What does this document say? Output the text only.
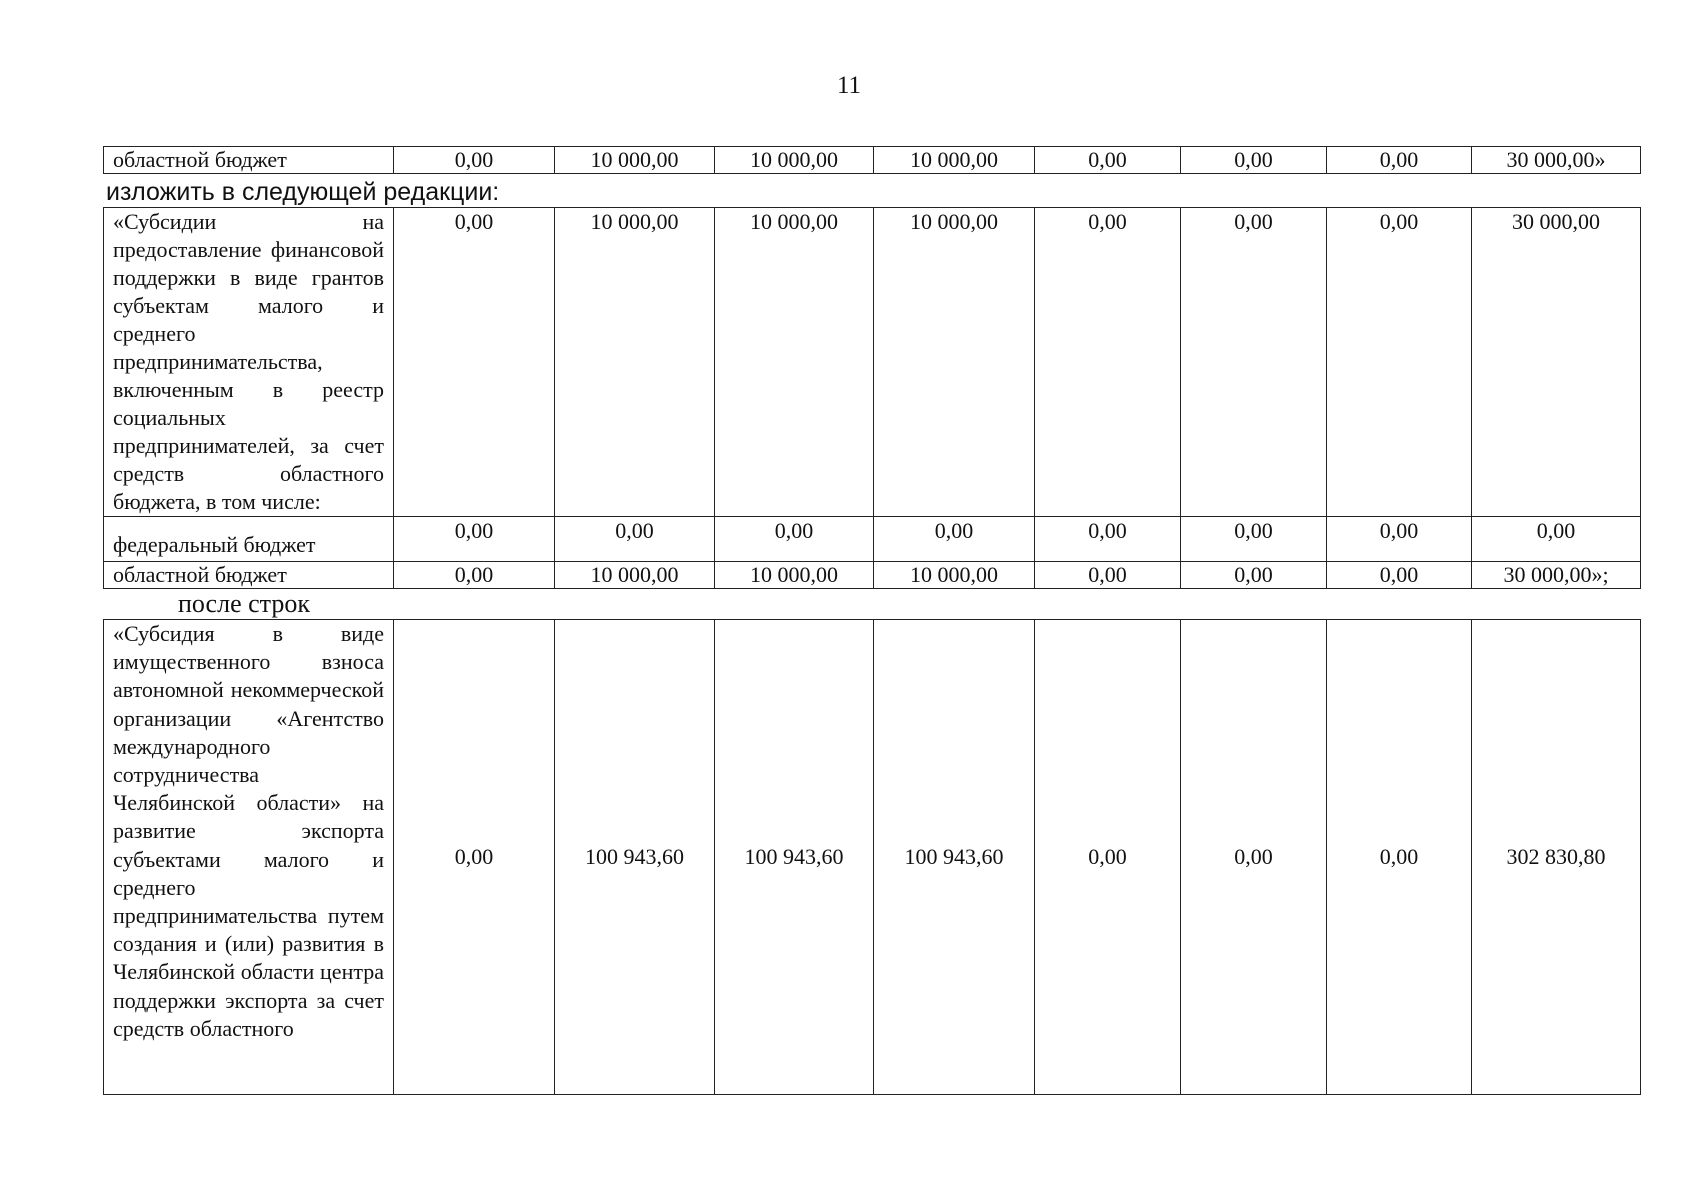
11
областной бюджет	0,00	10 000,00	10 000,00	10 000,00	0,00	0,00	0,00	30 000,00»
изложить в следующей редакции:
«Субсидии на предоставление финансовой поддержки в виде грантов субъектам малого и среднего предпринимательства, включенным в реестр социальных предпринимателей, за счет средств областного бюджета, в том числе:	0,00	10 000,00	10 000,00	10 000,00	0,00	0,00	0,00	30 000,00
федеральный бюджет	0,00	0,00	0,00	0,00	0,00	0,00	0,00	0,00
областной бюджет	0,00	10 000,00	10 000,00	10 000,00	0,00	0,00	0,00	30 000,00»;
после строк
«Субсидия в виде имущественного взноса автономной некоммерческой организации «Агентство международного сотрудничества Челябинской области» на развитие экспорта субъектами малого и среднего предпринимательства путем создания и (или) развития в Челябинской области центра поддержки экспорта за счет средств областного	0,00	100 943,60	100 943,60	100 943,60	0,00	0,00	0,00	302 830,80
